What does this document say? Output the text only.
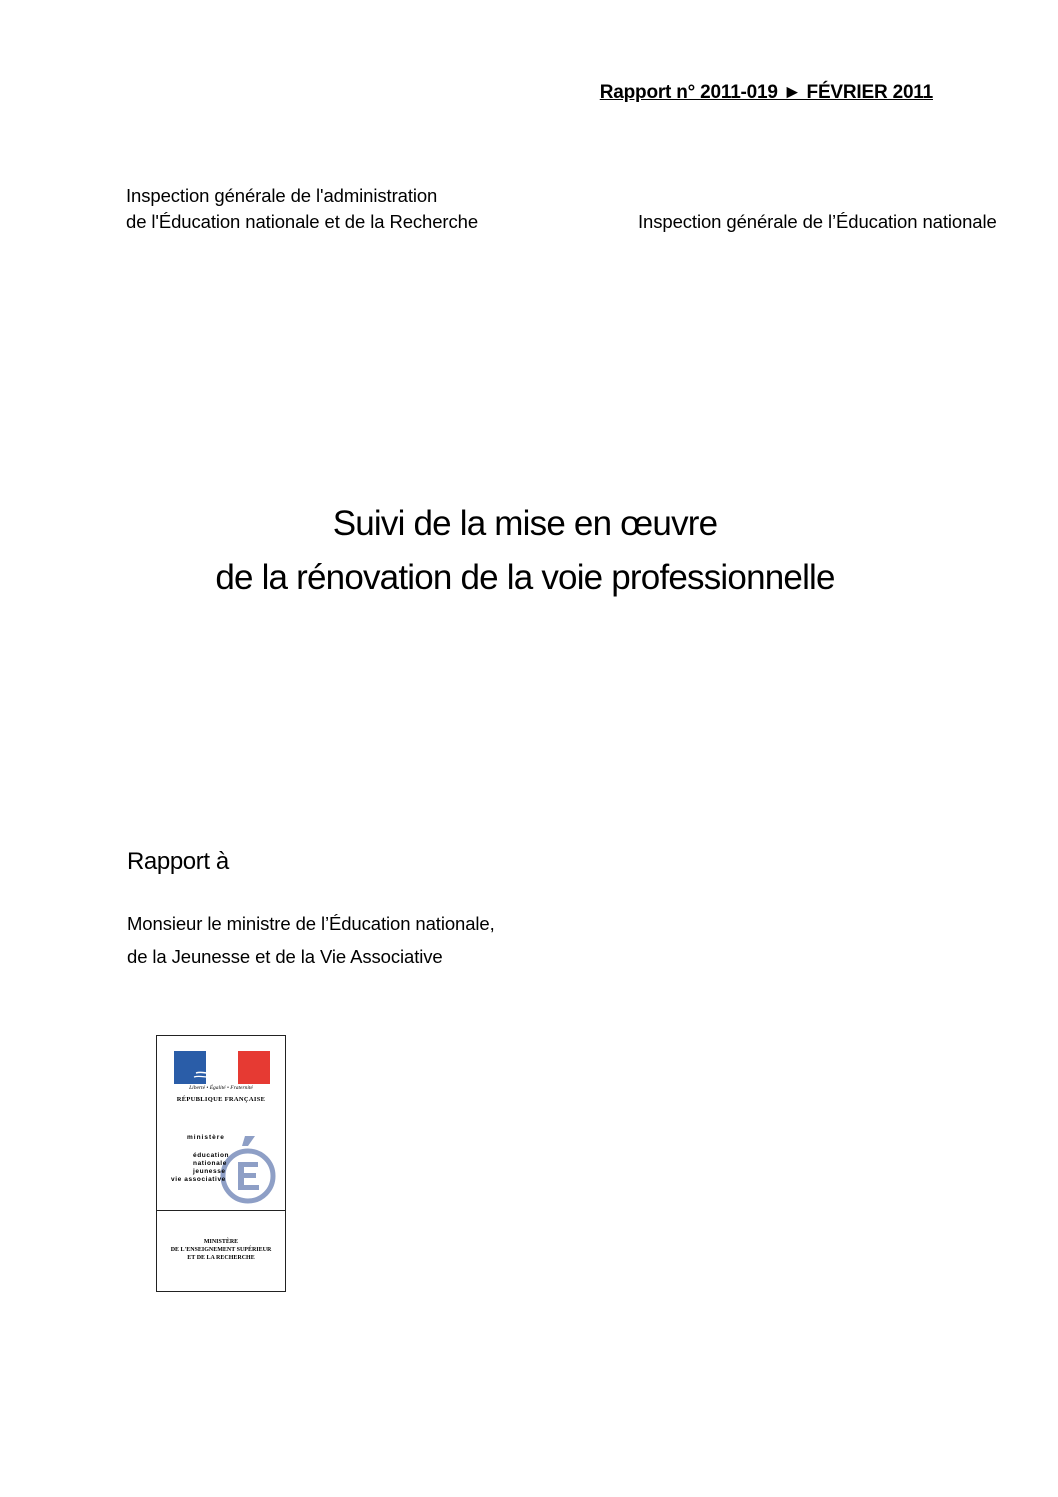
Rapport n° 2011-019 ► FÉVRIER 2011
Inspection générale de l'administration
de l'Éducation nationale et de la Recherche	Inspection générale de l’Éducation nationale
Suivi de la mise en œuvre
de la rénovation de la voie professionnelle
Rapport à
Monsieur le ministre de l’Éducation nationale,
de la Jeunesse et de la Vie Associative
Liberté • Égalité • Fraternité
RÉPUBLIQUE FRANÇAISE
ministère
éducation
nationale
jeunesse
vie associative
MINISTÈRE
DE L'ENSEIGNEMENT SUPÉRIEUR
ET DE LA RECHERCHE
